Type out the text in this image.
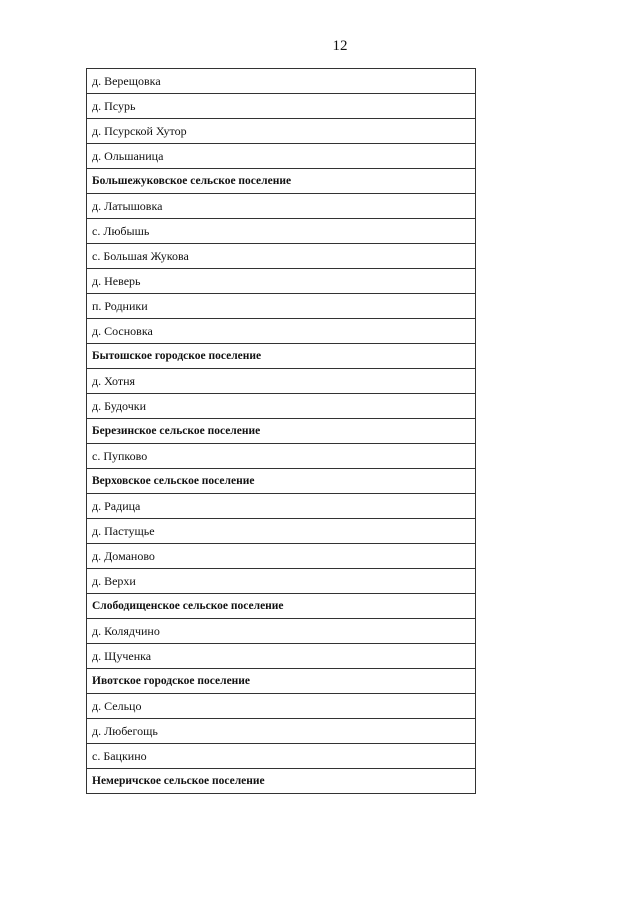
12
д. Верещовка
д. Псурь
д. Псурской Хутор
д. Ольшаница
Большежуковское сельское поселение
д. Латышовка
с. Любышь
с. Большая Жукова
д. Неверь
п. Родники
д. Сосновка
Бытошское городское поселение
д. Хотня
д. Будочки
Березинское сельское поселение
с. Пупково
Верховское сельское поселение
д. Радица
д. Пастущье
д. Доманово
д. Верхи
Слободищенское сельское поселение
д. Колядчино
д. Щученка
Ивотское городское поселение
д. Сельцо
д. Любегощь
с. Бацкино
Немеричское сельское поселение
